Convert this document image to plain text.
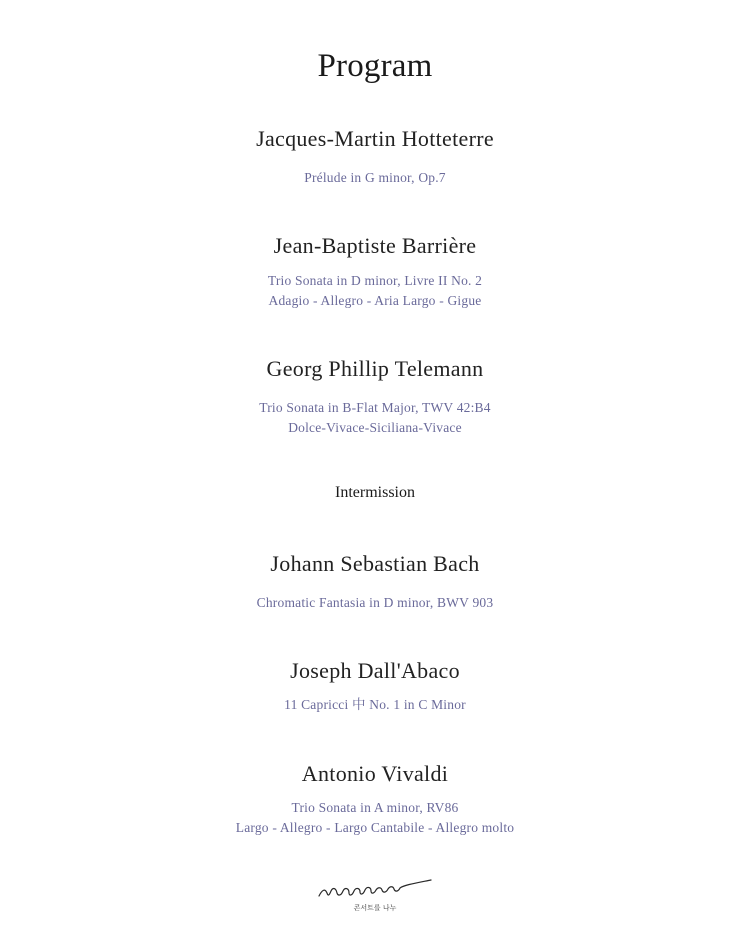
Program
Jacques-Martin Hotteterre
Prélude in G minor, Op.7
Jean-Baptiste Barrière
Trio Sonata in D minor, Livre II No. 2
Adagio - Allegro - Aria Largo - Gigue
Georg Phillip Telemann
Trio Sonata in B-Flat Major, TWV 42:B4
Dolce-Vivace-Siciliana-Vivace
Intermission
Johann Sebastian Bach
Chromatic Fantasia in D minor, BWV 903
Joseph Dall'Abaco
11 Capricci 中 No. 1 in C Minor
Antonio Vivaldi
Trio Sonata in A minor, RV86
Largo - Allegro - Largo Cantabile - Allegro molto
콘서트를 나누
